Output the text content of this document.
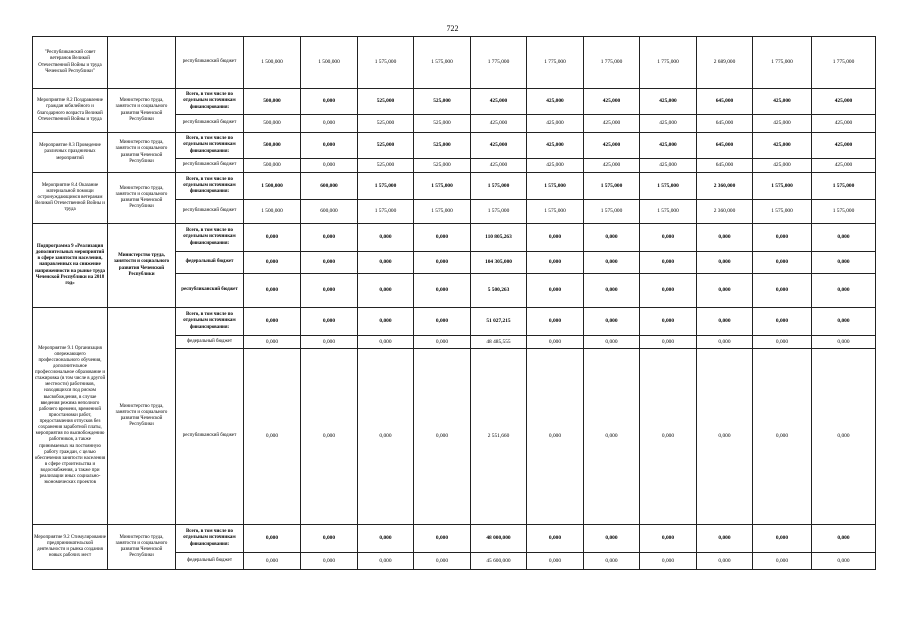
722
"Республиканский совет ветеранов Великой Отечественной Войны и труда Чеченской Республики"		республиканский бюджет	1 500,000	1 500,000	1 575,000	1 575,000	1 775,000	1 775,000	1 775,000	1 775,000	2 689,000	1 775,000	1 775,000
Мероприятие 8.2 Поздравление граждан юбилейного и благодарного возраста Великой Отечественной Войны и труда	Министерство труда, занятости и социального развития Чеченской Республики	Всего, в том числе по отдельным источникам финансирования:	500,000	0,000	525,000	525,000	425,000	425,000	425,000	425,000	645,000	425,000	425,000
		республиканский бюджет	500,000	0,000	525,000	525,000	425,000	425,000	425,000	425,000	645,000	425,000	425,000
Мероприятие 8.3 Проведение различных праздничных мероприятий	Министерство труда, занятости и социального развития Чеченской Республики	Всего, в том числе по отдельным источникам финансирования:	500,000	0,000	525,000	525,000	425,000	425,000	425,000	425,000	645,000	425,000	425,000
		республиканский бюджет	500,000	0,000	525,000	525,000	425,000	425,000	425,000	425,000	645,000	425,000	425,000
Мероприятие 8.4 Оказание материальной помощи остронуждающимся ветеранам Великой Отечественной Войны и труда	Министерство труда, занятости и социального развития Чеченской Республики	Всего, в том числе по отдельным источникам финансирования:	1 500,000	600,000	1 575,000	1 575,000	1 575,000	1 575,000	1 575,000	1 575,000	2 360,000	1 575,000	1 575,000
		республиканский бюджет	1 500,000	600,000	1 575,000	1 575,000	1 575,000	1 575,000	1 575,000	1 575,000	2 360,000	1 575,000	1 575,000
Подпрограмма 9 «Реализация дополнительных мероприятий в сфере занятости населения, направленных на снижение напряженности на рынке труда Чеченской Республики на 2018 год»	Министерство труда, занятости и социального развития Чеченской Республики	Всего, в том числе по отдельным источникам финансирования:	0,000	0,000	0,000	0,000	110 805,263	0,000	0,000	0,000	0,000	0,000	0,000
		федеральный бюджет	0,000	0,000	0,000	0,000	104 305,000	0,000	0,000	0,000	0,000	0,000	0,000
		республиканский бюджет	0,000	0,000	0,000	0,000	5 500,263	0,000	0,000	0,000	0,000	0,000	0,000
Мероприятие 9.1 Организация опережающего профессионального обучения, дополнительное профессиональное образование и стажировка (в том числе в другой местности) работников, находящихся под риском высвобождения, в случае введения режима неполного рабочего времени, временной приостановки работ, предоставления отпусков без сохранения заработной платы, мероприятия по высвобождению работников, а также принимаемых на постоянную работу граждан, с целью обеспечения занятости населения в сфере строительства и водоснабжения, а также при реализации иных социально-экономических проектов	Министерство труда, занятости и социального развития Чеченской Республики	Всего, в том числе по отдельным источникам финансирования:	0,000	0,000	0,000	0,000	51 027,215	0,000	0,000	0,000	0,000	0,000	0,000
		федеральный бюджет	0,000	0,000	0,000	0,000	48 485,555	0,000	0,000	0,000	0,000	0,000	0,000
		республиканский бюджет	0,000	0,000	0,000	0,000	2 551,660	0,000	0,000	0,000	0,000	0,000	0,000
Мероприятие 9.2 Стимулирование предпринимательской деятельности и рынка создания новых рабочих мест	Министерство труда, занятости и социального развития Чеченской Республики	Всего, в том числе по отдельным источникам финансирования:	0,000	0,000	0,000	0,000	48 000,000	0,000	0,000	0,000	0,000	0,000	0,000
		федеральный бюджет	0,000	0,000	0,000	0,000	45 600,000	0,000	0,000	0,000	0,000	0,000	0,000
